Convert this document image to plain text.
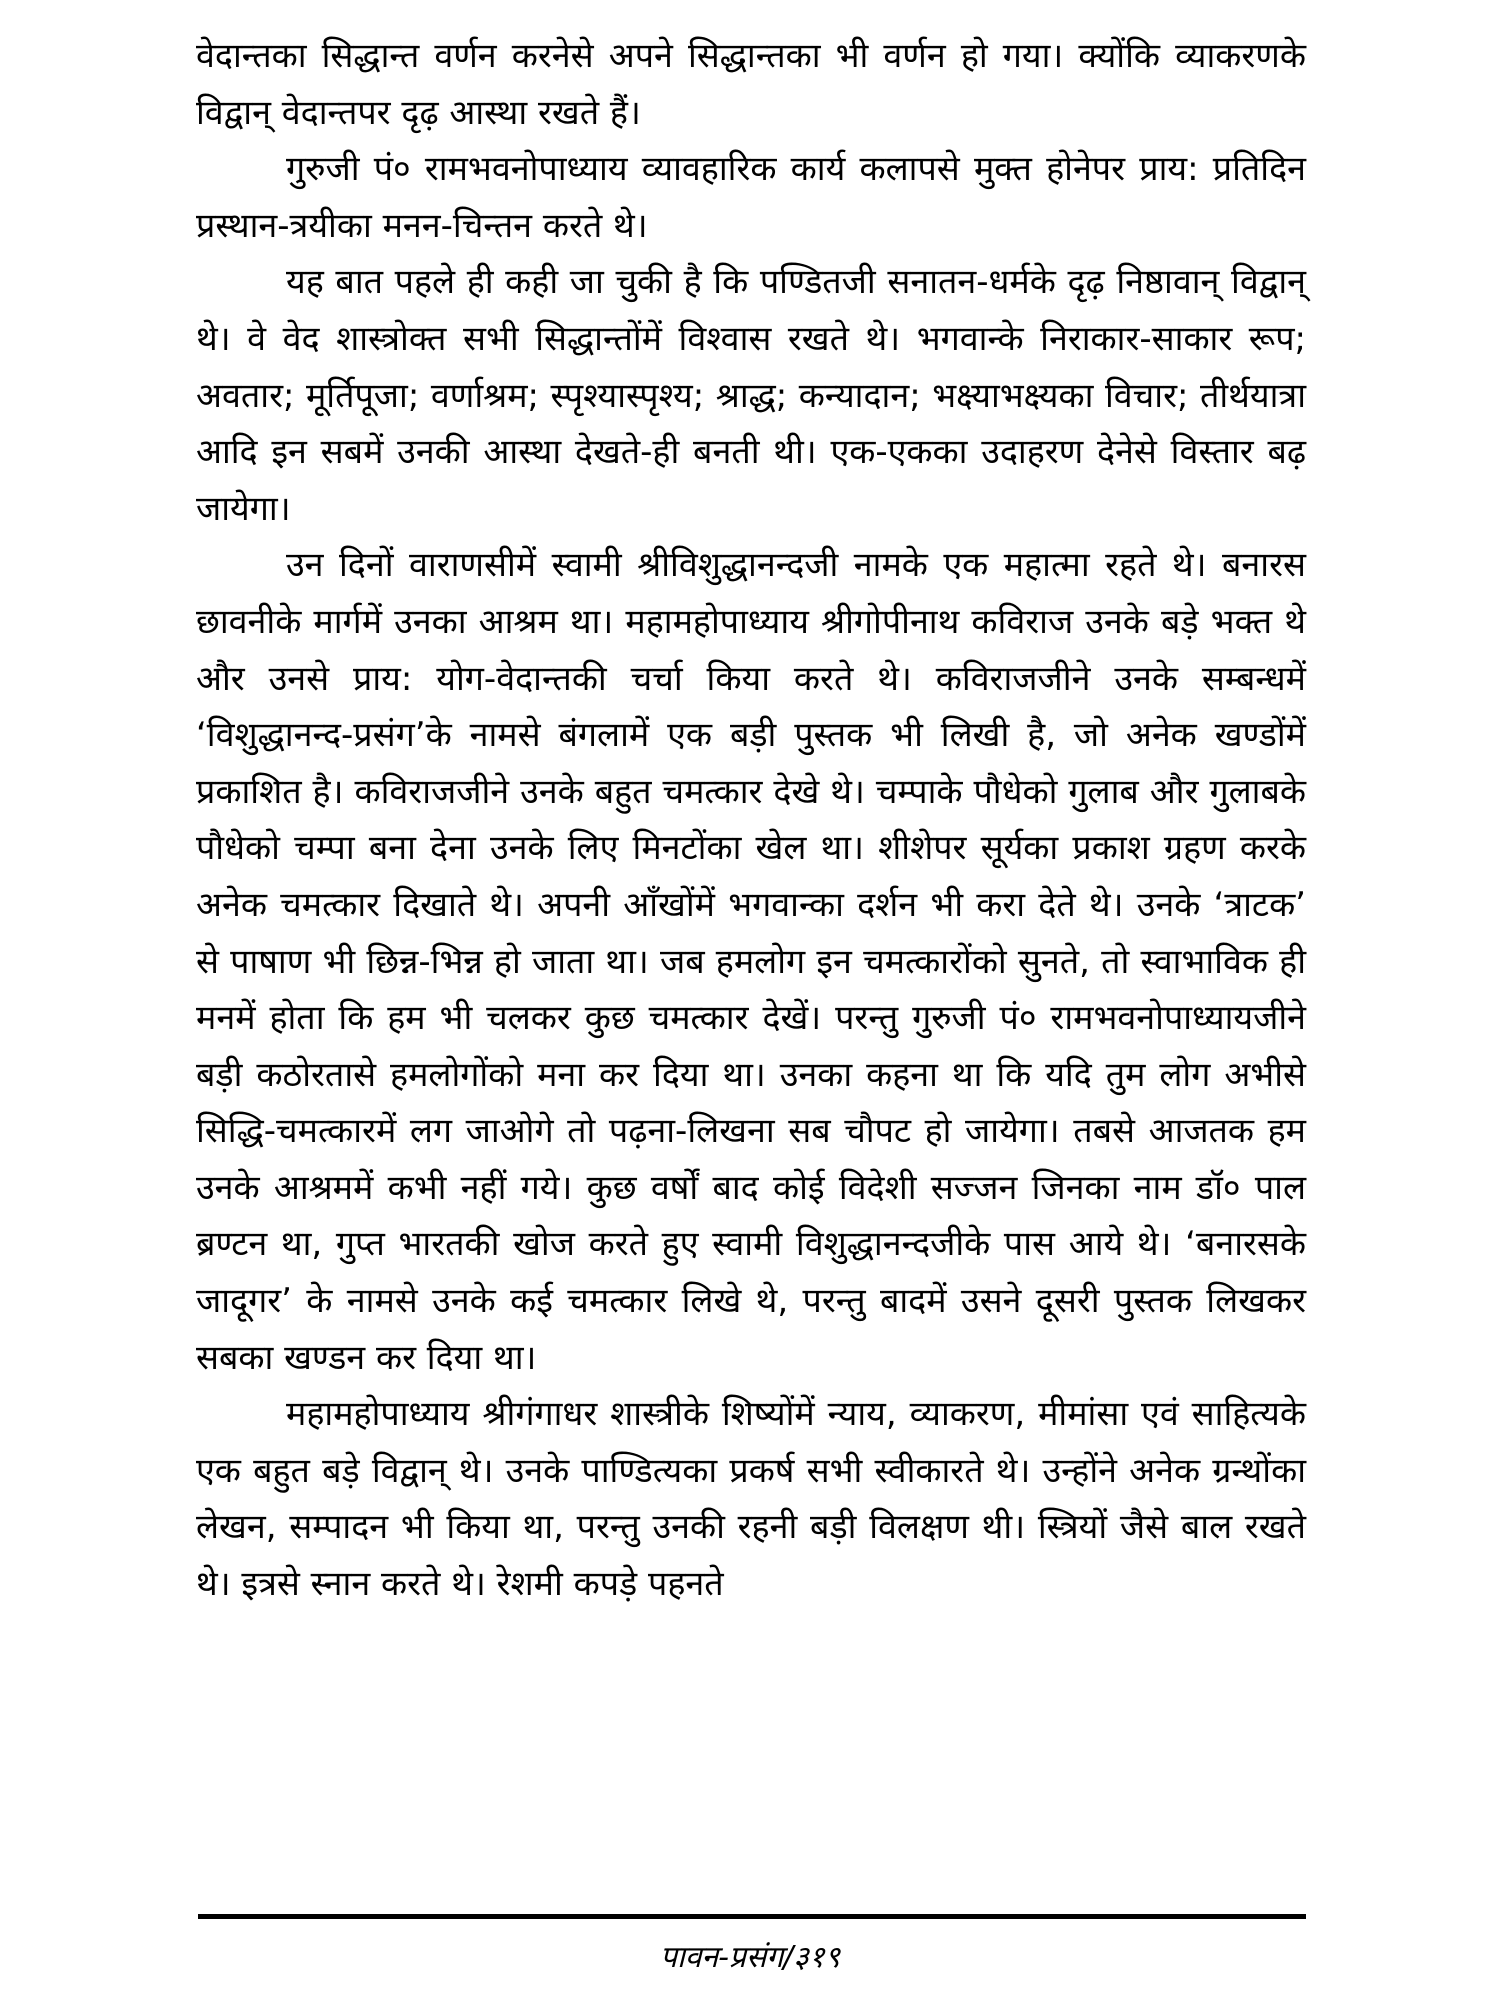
वेदान्तका सिद्धान्त वर्णन करनेसे अपने सिद्धान्तका भी वर्णन हो गया। क्योंकि व्याकरणके विद्वान् वेदान्तपर दृढ़ आस्था रखते हैं।

गुरुजी पं० रामभवनोपाध्याय व्यावहारिक कार्य कलापसे मुक्त होनेपर प्राय: प्रतिदिन प्रस्थान-त्रयीका मनन-चिन्तन करते थे।

यह बात पहले ही कही जा चुकी है कि पण्डितजी सनातन-धर्मके दृढ़ निष्ठावान् विद्वान् थे। वे वेद शास्त्रोक्त सभी सिद्धान्तोंमें विश्वास रखते थे। भगवान्के निराकार-साकार रूप; अवतार; मूर्तिपूजा; वर्णाश्रम; स्पृश्यास्पृश्य; श्राद्ध; कन्यादान; भक्ष्याभक्ष्यका विचार; तीर्थयात्रा आदि इन सबमें उनकी आस्था देखते-ही बनती थी। एक-एकका उदाहरण देनेसे विस्तार बढ़ जायेगा।

उन दिनों वाराणसीमें स्वामी श्रीविशुद्धानन्दजी नामके एक महात्मा रहते थे। बनारस छावनीके मार्गमें उनका आश्रम था। महामहोपाध्याय श्रीगोपीनाथ कविराज उनके बड़े भक्त थे और उनसे प्राय: योग-वेदान्तकी चर्चा किया करते थे। कविराजजीने उनके सम्बन्धमें ‘विशुद्धानन्द-प्रसंग’के नामसे बंगलामें एक बड़ी पुस्तक भी लिखी है, जो अनेक खण्डोंमें प्रकाशित है। कविराजजीने उनके बहुत चमत्कार देखे थे। चम्पाके पौधेको गुलाब और गुलाबके पौधेको चम्पा बना देना उनके लिए मिनटोंका खेल था। शीशेपर सूर्यका प्रकाश ग्रहण करके अनेक चमत्कार दिखाते थे। अपनी आँखोंमें भगवान्का दर्शन भी करा देते थे। उनके ‘त्राटक’ से पाषाण भी छिन्न-भिन्न हो जाता था। जब हमलोग इन चमत्कारोंको सुनते, तो स्वाभाविक ही मनमें होता कि हम भी चलकर कुछ चमत्कार देखें। परन्तु गुरुजी पं० रामभवनोपाध्यायजीने बड़ी कठोरतासे हमलोगोंको मना कर दिया था। उनका कहना था कि यदि तुम लोग अभीसे सिद्धि-चमत्कारमें लग जाओगे तो पढ़ना-लिखना सब चौपट हो जायेगा। तबसे आजतक हम उनके आश्रममें कभी नहीं गये। कुछ वर्षों बाद कोई विदेशी सज्जन जिनका नाम डॉ० पाल ब्रण्टन था, गुप्त भारतकी खोज करते हुए स्वामी विशुद्धानन्दजीके पास आये थे। ‘बनारसके जादूगर’ के नामसे उनके कई चमत्कार लिखे थे, परन्तु बादमें उसने दूसरी पुस्तक लिखकर सबका खण्डन कर दिया था।

महामहोपाध्याय श्रीगंगाधर शास्त्रीके शिष्योंमें न्याय, व्याकरण, मीमांसा एवं साहित्यके एक बहुत बड़े विद्वान् थे। उनके पाण्डित्यका प्रकर्ष सभी स्वीकारते थे। उन्होंने अनेक ग्रन्थोंका लेखन, सम्पादन भी किया था, परन्तु उनकी रहनी बड़ी विलक्षण थी। स्त्रियों जैसे बाल रखते थे। इत्रसे स्नान करते थे। रेशमी कपड़े पहनते

पावन-प्रसंग/३१९
